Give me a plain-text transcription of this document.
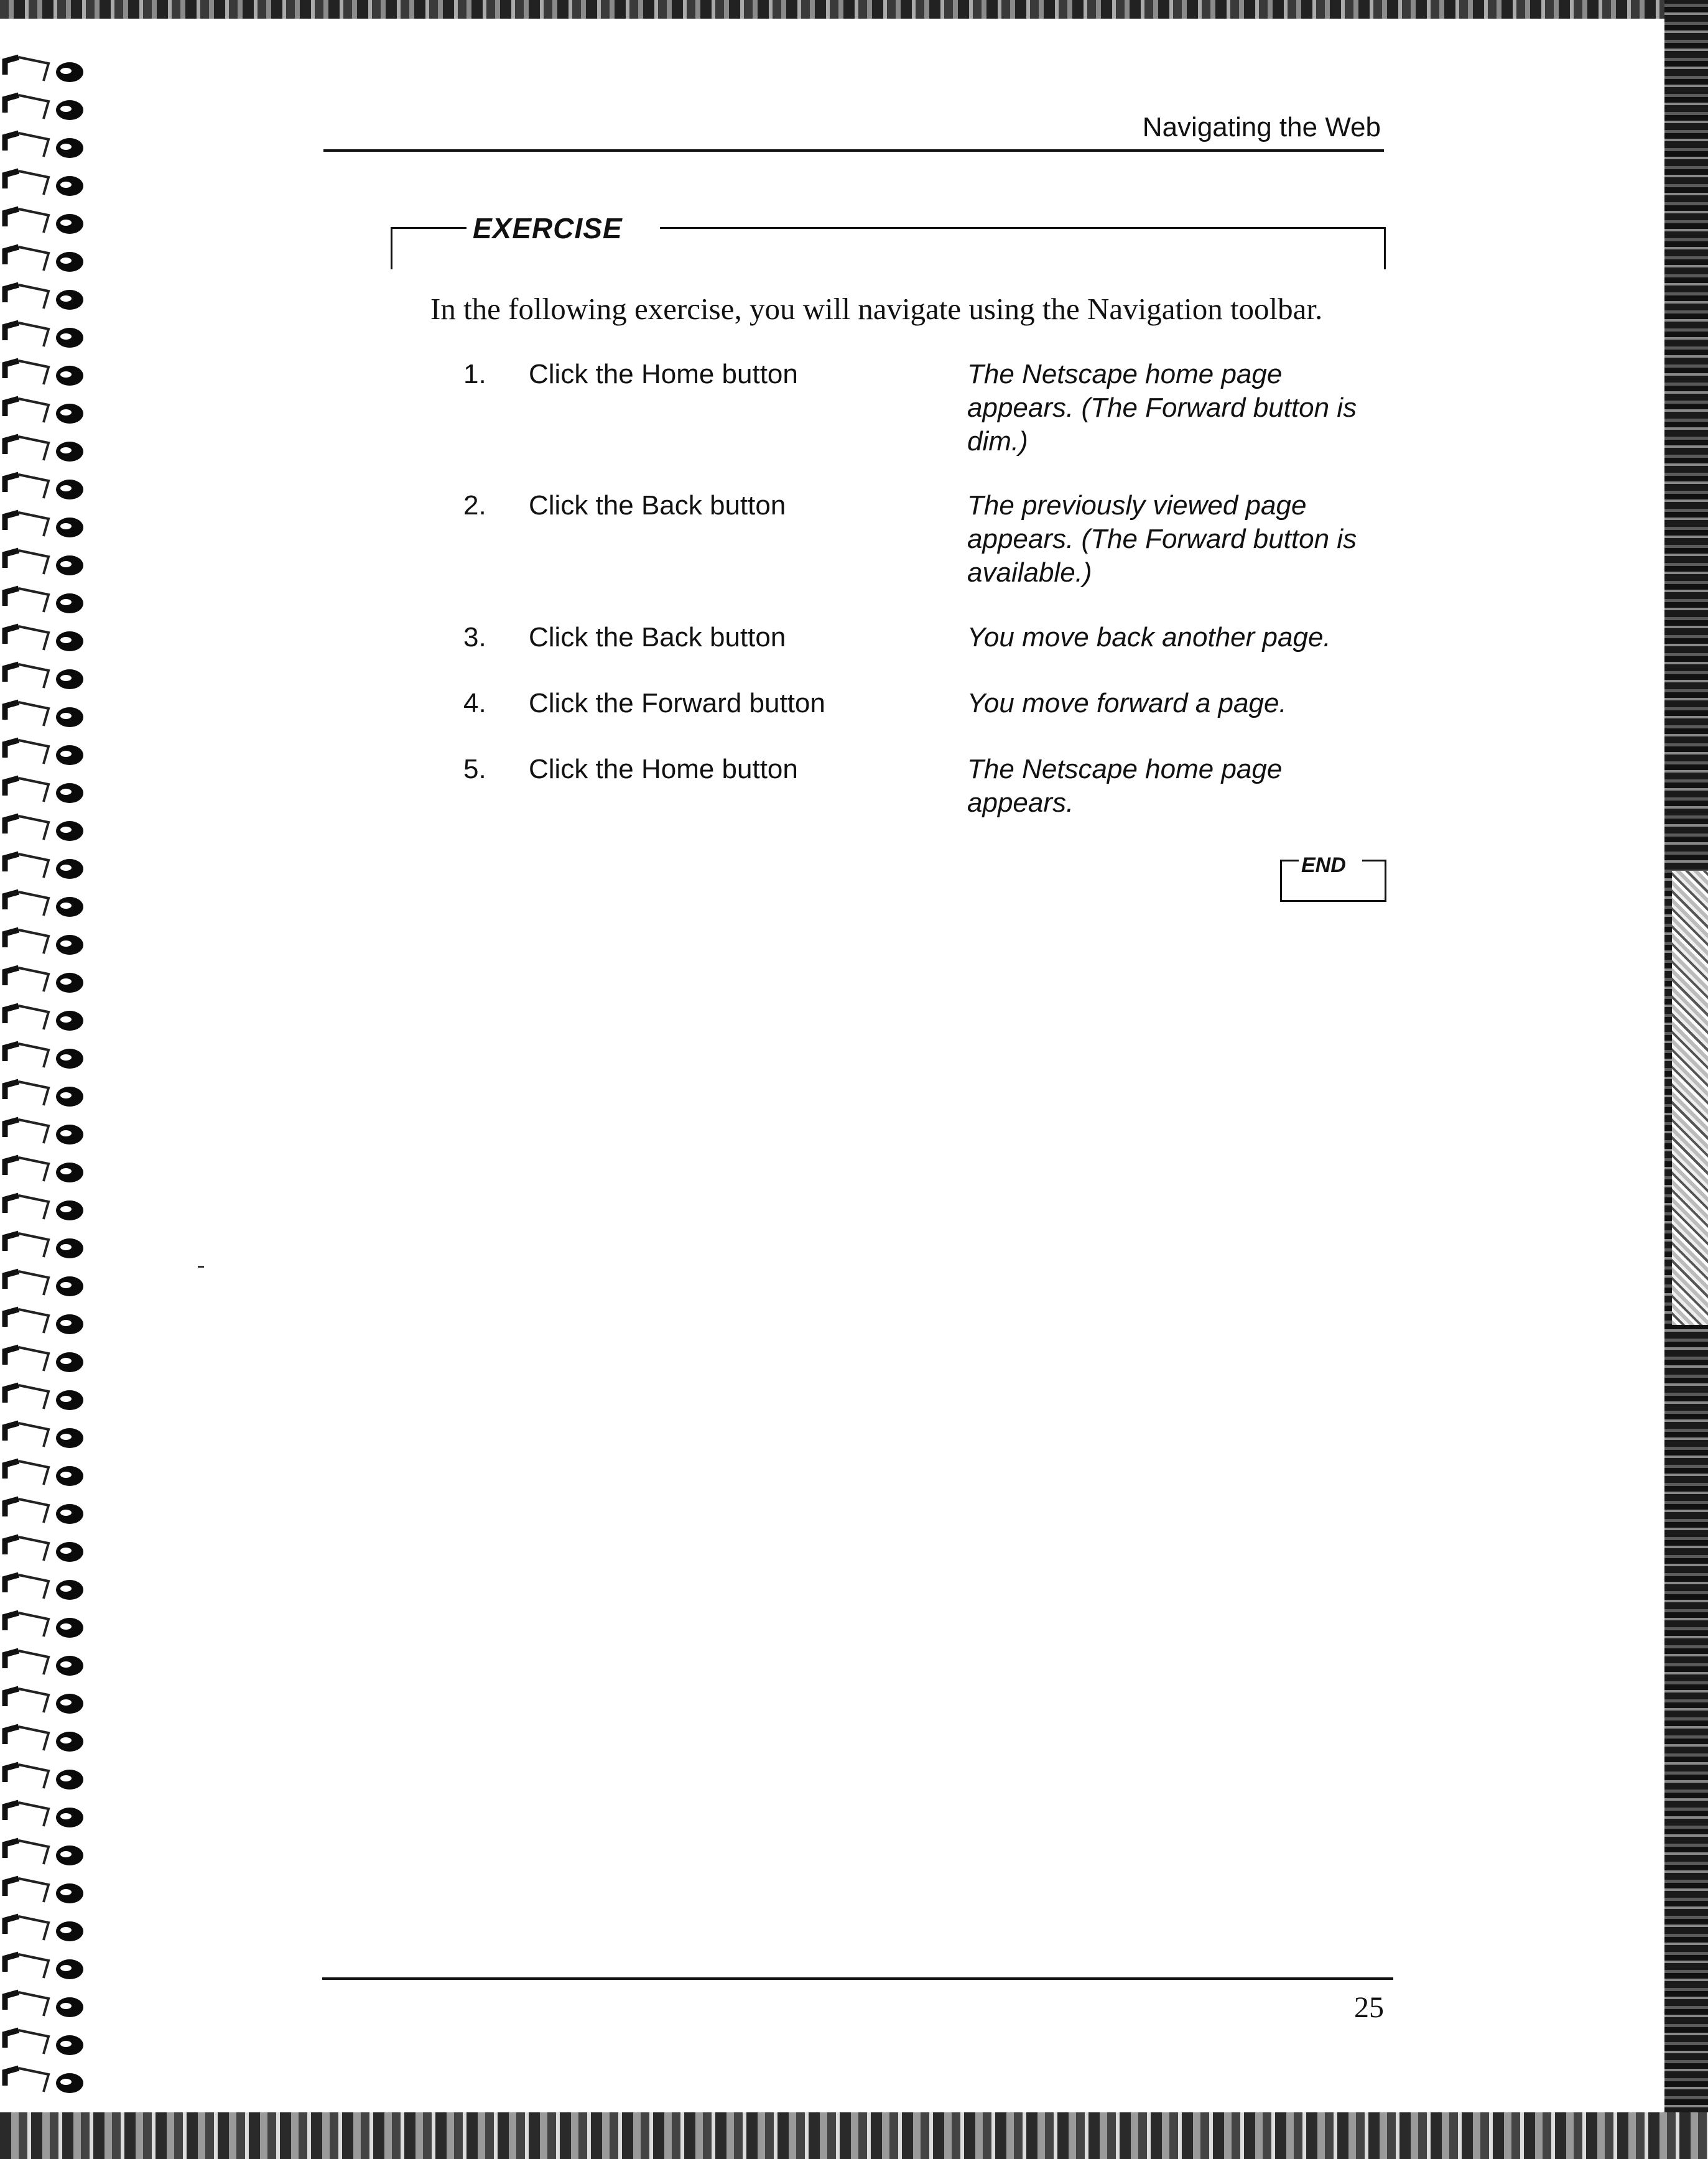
Navigating the Web
EXERCISE
In the following exercise, you will navigate using the Navigation toolbar.
1.	Click the Home button	The Netscape home page appears. (The Forward button is dim.)
2.	Click the Back button	The previously viewed page appears. (The Forward button is available.)
3.	Click the Back button	You move back another page.
4.	Click the Forward button	You move forward a page.
5.	Click the Home button	The Netscape home page appears.
END
25
